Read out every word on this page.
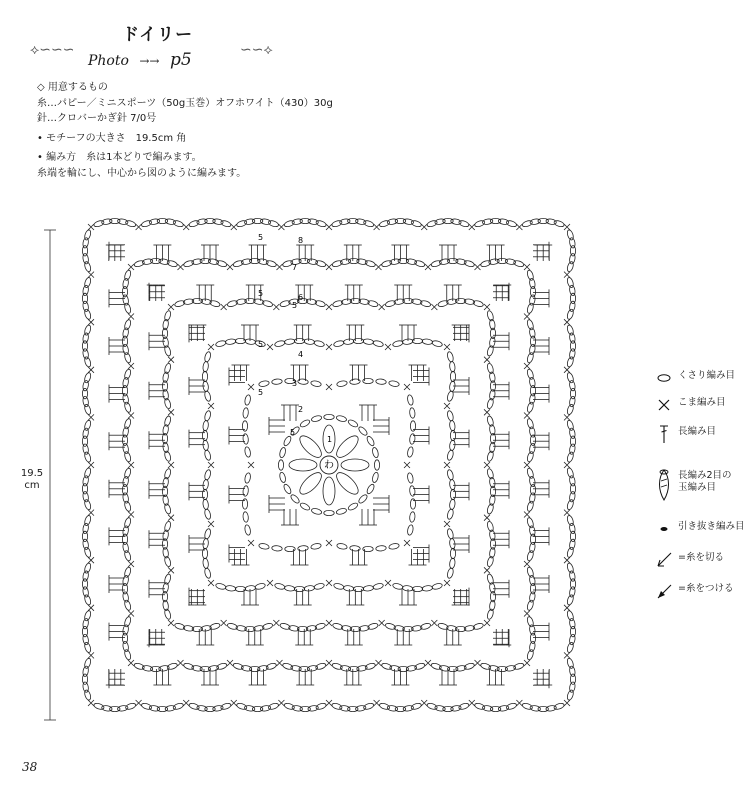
⟡∽∽∽
ドイリー
Photo →→ p5	∽∽⟡
◇ 用意するもの
糸…パピー／ミニスポーツ（50g玉巻）オフホワイト（430）30g
針…クロバーかぎ針 7/0号
• モチーフの大きさ　19.5cm 角
• 編み方　糸は1本どりで編みます。
糸端を輪にし、中心から図のように編みます。
わ
1
2
3
4
5
6
7
8
5
5
5
5
5
19.5
cm
くさり編み目
こま編み目
長編み目
長編み2目の
玉編み目
引き抜き編み目
=糸を切る
=糸をつける
38
